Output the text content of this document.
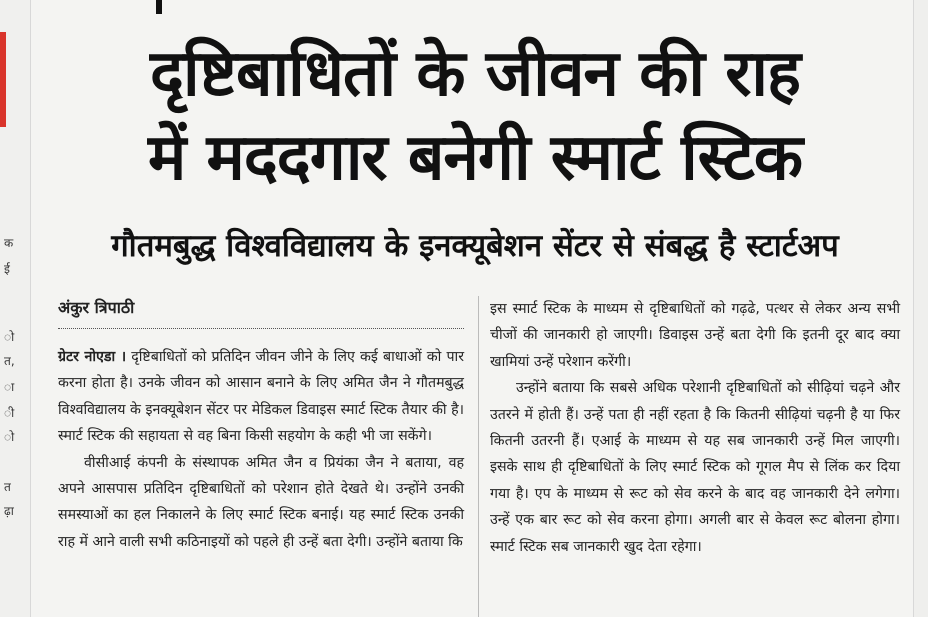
क
ई
ो
त,
ा
ी
ो
त
ढ़ा
दृष्टिबाधितों के जीवन की राह
में मददगार बनेगी स्मार्ट स्टिक
गौतमबुद्ध विश्वविद्यालय के इनक्यूबेशन सेंटर से संबद्ध है स्टार्टअप
अंकुर त्रिपाठी

ग्रेटर नोएडा । दृष्टिबाधितों को प्रतिदिन जीवन जीने के लिए कई बाधाओं को पार करना होता है। उनके जीवन को आसान बनाने के लिए अमित जैन ने गौतमबुद्ध विश्वविद्यालय के इनक्यूबेशन सेंटर पर मेडिकल डिवाइस स्मार्ट स्टिक तैयार की है। स्मार्ट स्टिक की सहायता से वह बिना किसी सहयोग के कही भी जा सकेंगे।

वीसीआई कंपनी के संस्थापक अमित जैन व प्रियंका जैन ने बताया, वह अपने आसपास प्रतिदिन दृष्टिबाधितों को परेशान होते देखते थे। उन्होंने उनकी समस्याओं का हल निकालने के लिए स्मार्ट स्टिक बनाई। यह स्मार्ट स्टिक उनकी राह में आने वाली सभी कठिनाइयों को पहले ही उन्हें बता देगी। उन्होंने बताया कि

इस स्मार्ट स्टिक के माध्यम से दृष्टिबाधितों को गढ़ढे, पत्थर से लेकर अन्य सभी चीजों की जानकारी हो जाएगी। डिवाइस उन्हें बता देगी कि इतनी दूर बाद क्या खामियां उन्हें परेशान करेंगी।

उन्होंने बताया कि सबसे अधिक परेशानी दृष्टिबाधितों को सीढ़ियां चढ़ने और उतरने में होती हैं। उन्हें पता ही नहीं रहता है कि कितनी सीढ़ियां चढ़नी है या फिर कितनी उतरनी हैं। एआई के माध्यम से यह सब जानकारी उन्हें मिल जाएगी। इसके साथ ही दृष्टिबाधितों के लिए स्मार्ट स्टिक को गूगल मैप से लिंक कर दिया गया है। एप के माध्यम से रूट को सेव करने के बाद वह जानकारी देने लगेगा। उन्हें एक बार रूट को सेव करना होगा। अगली बार से केवल रूट बोलना होगा। स्मार्ट स्टिक सब जानकारी खुद देता रहेगा।
